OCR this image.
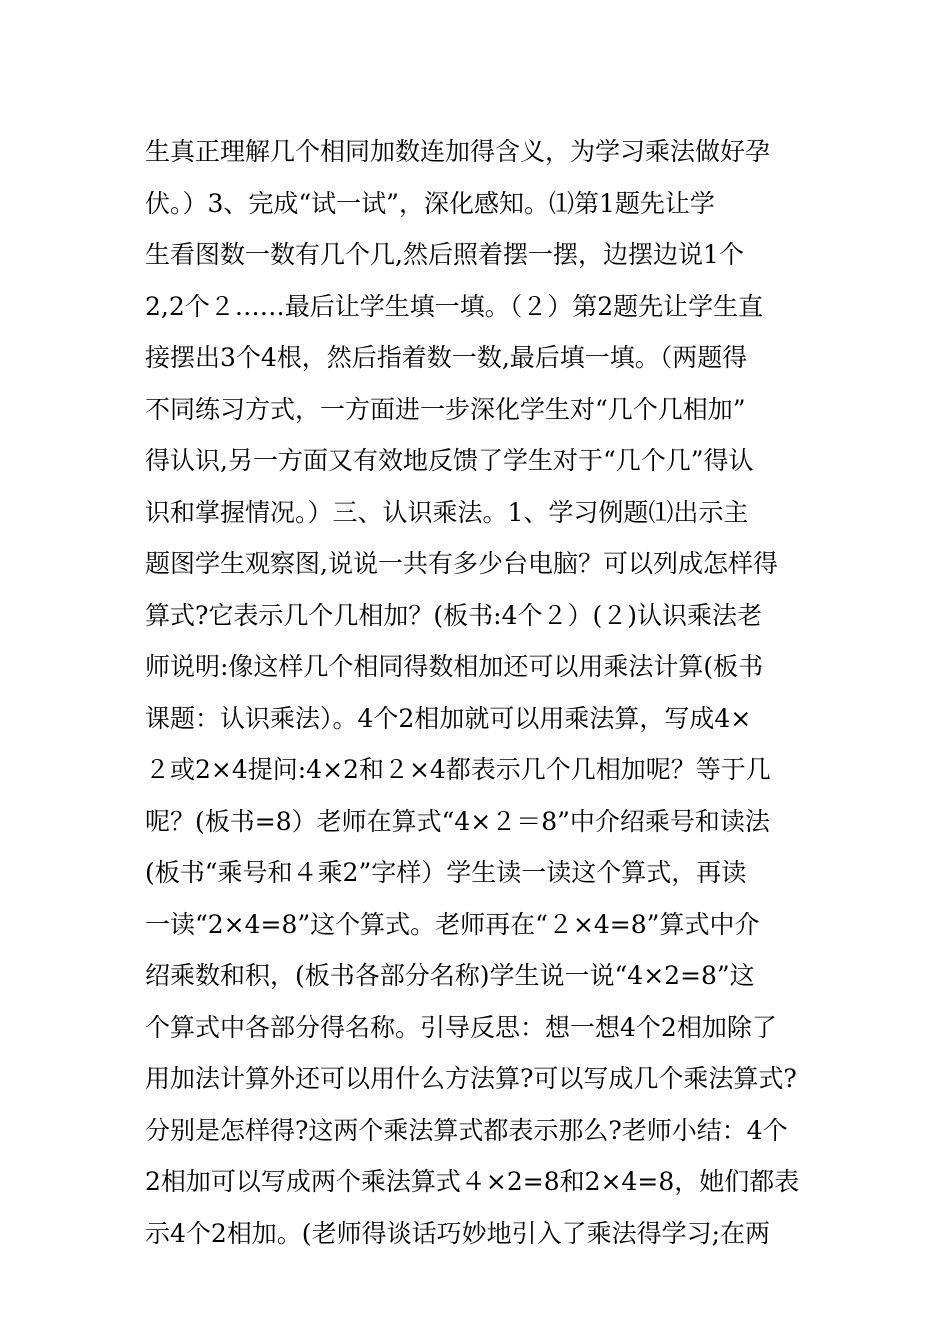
生真正理解几个相同加数连加得含义，为学习乘法做好孕
伏。）3、完成“试一试”，深化感知。⑴第1题先让学
生看图数一数有几个几,然后照着摆一摆，边摆边说1个
2,2个２……最后让学生填一填。（２）第2题先让学生直
接摆出3个4根，然后指着数一数,最后填一填。（两题得
不同练习方式，一方面进一步深化学生对“几个几相加”
得认识,另一方面又有效地反馈了学生对于“几个几”得认
识和掌握情况。）三、认识乘法。1、学习例题⑴出示主
题图学生观察图,说说一共有多少台电脑？可以列成怎样得
算式?它表示几个几相加？(板书:4个２）(２)认识乘法老
师说明:像这样几个相同得数相加还可以用乘法计算(板书
课题：认识乘法）。4个2相加就可以用乘法算，写成4×
２或2×4提问:4×2和２×4都表示几个几相加呢？等于几
呢？(板书=8）老师在算式“4×２＝8”中介绍乘号和读法
(板书“乘号和４乘2”字样）学生读一读这个算式，再读
一读“2×4=8”这个算式。老师再在“２×4=8”算式中介
绍乘数和积，(板书各部分名称)学生说一说“4×2=8”这
个算式中各部分得名称。引导反思：想一想4个2相加除了
用加法计算外还可以用什么方法算?可以写成几个乘法算式?
分别是怎样得?这两个乘法算式都表示那么?老师小结：4个
2相加可以写成两个乘法算式４×2=8和2×4=8，她们都表
示4个2相加。(老师得谈话巧妙地引入了乘法得学习;在两
